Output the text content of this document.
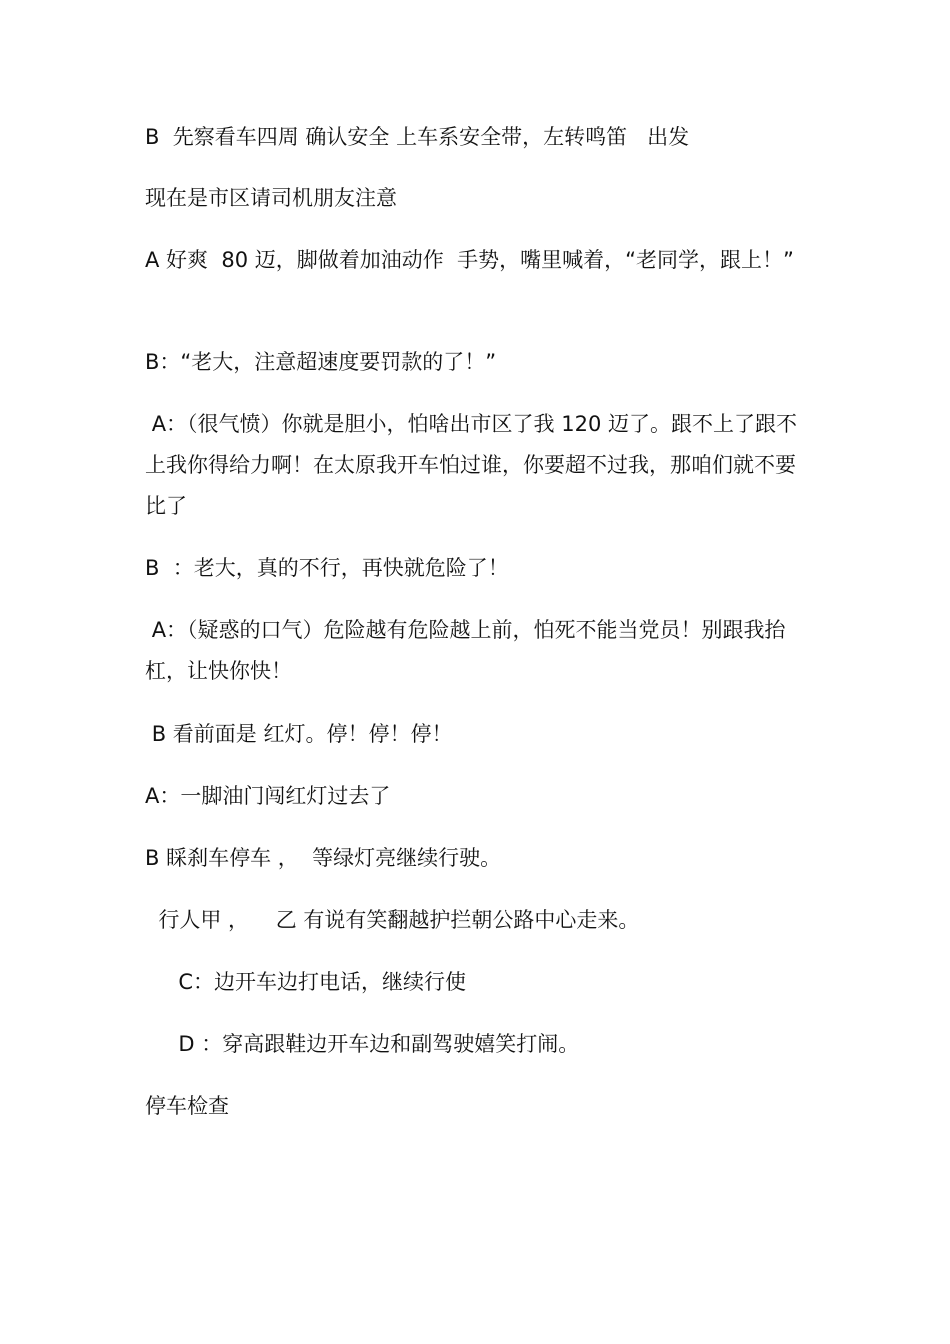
B  先察看车四周 确认安全 上车系安全带，左转鸣笛   出发

现在是市区请司机朋友注意

A 好爽  80 迈，脚做着加油动作  手势，嘴里喊着，“老同学，跟上！”

B：“老大，注意超速度要罚款的了！”

A：（很气愤）你就是胆小，怕啥出市区了我 120 迈了。跟不上了跟不上我你得给力啊！在太原我开车怕过谁，你要超不过我，那咱们就不要比了

B  ：老大，真的不行，再快就危险了！

A：（疑惑的口气）危险越有危险越上前，怕死不能当党员！别跟我抬杠，让快你快！

B 看前面是 红灯。停！停！停！

A：一脚油门闯红灯过去了

B 睬刹车停车 ，  等绿灯亮继续行驶。

行人甲 ，    乙 有说有笑翻越护拦朝公路中心走来。

C：边开车边打电话，继续行使

D ：穿高跟鞋边开车边和副驾驶嬉笑打闹。

停车检查
